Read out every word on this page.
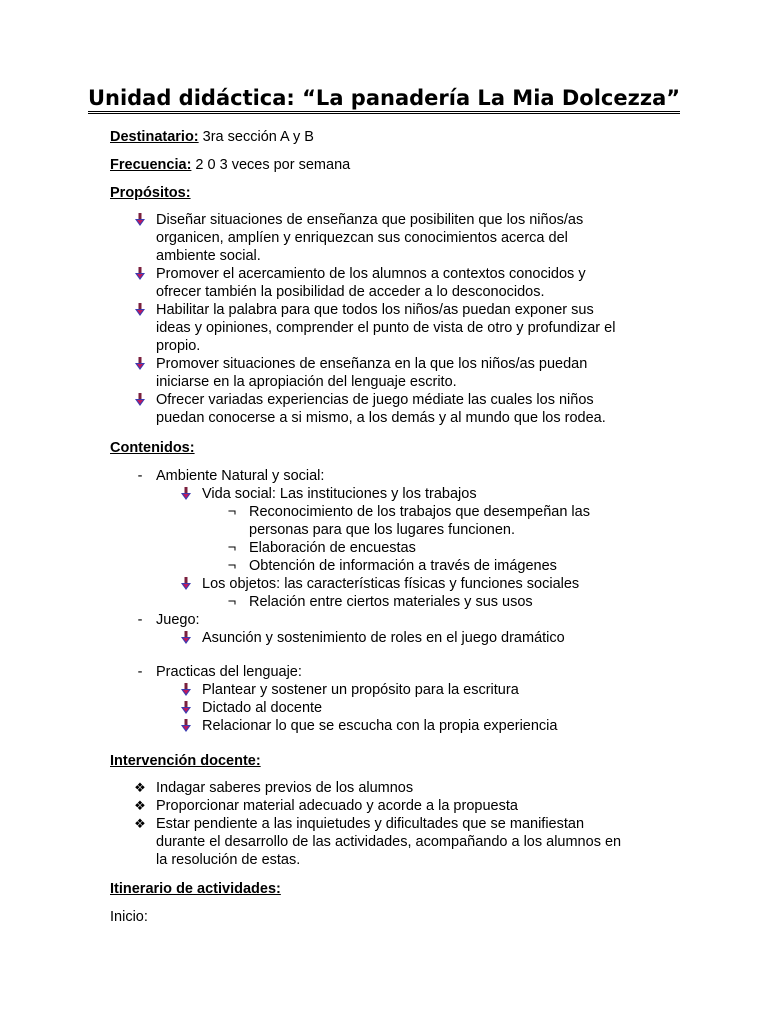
Unidad didáctica: “La panadería La Mia Dolcezza”
Destinatario: 3ra sección A y B
Frecuencia: 2 0 3 veces por semana
Propósitos:
Diseñar situaciones de enseñanza que posibiliten que los niños/as
organicen, amplíen y enriquezcan sus conocimientos acerca del
ambiente social.
Promover el acercamiento de los alumnos a contextos conocidos y
ofrecer también la posibilidad de acceder a lo desconocidos.
Habilitar la palabra para que todos los niños/as puedan exponer sus
ideas y opiniones, comprender el punto de vista de otro y profundizar el
propio.
Promover situaciones de enseñanza en la que los niños/as puedan
iniciarse en la apropiación del lenguaje escrito.
Ofrecer variadas experiencias de juego médiate las cuales los niños
puedan conocerse a si mismo, a los demás y al mundo que los rodea.
Contenidos:
- Ambiente Natural y social:
Vida social: Las instituciones y los trabajos
¬ Reconocimiento de los trabajos que desempeñan las
personas para que los lugares funcionen.
¬ Elaboración de encuestas
¬ Obtención de información a través de imágenes
Los objetos: las características físicas y funciones sociales
¬ Relación entre ciertos materiales y sus usos
- Juego:
Asunción y sostenimiento de roles en el juego dramático
- Practicas del lenguaje:
Plantear y sostener un propósito para la escritura
Dictado al docente
Relacionar lo que se escucha con la propia experiencia
Intervención docente:
❖ Indagar saberes previos de los alumnos
❖ Proporcionar material adecuado y acorde a la propuesta
❖ Estar pendiente a las inquietudes y dificultades que se manifiestan
durante el desarrollo de las actividades, acompañando a los alumnos en
la resolución de estas.
Itinerario de actividades:
Inicio:
